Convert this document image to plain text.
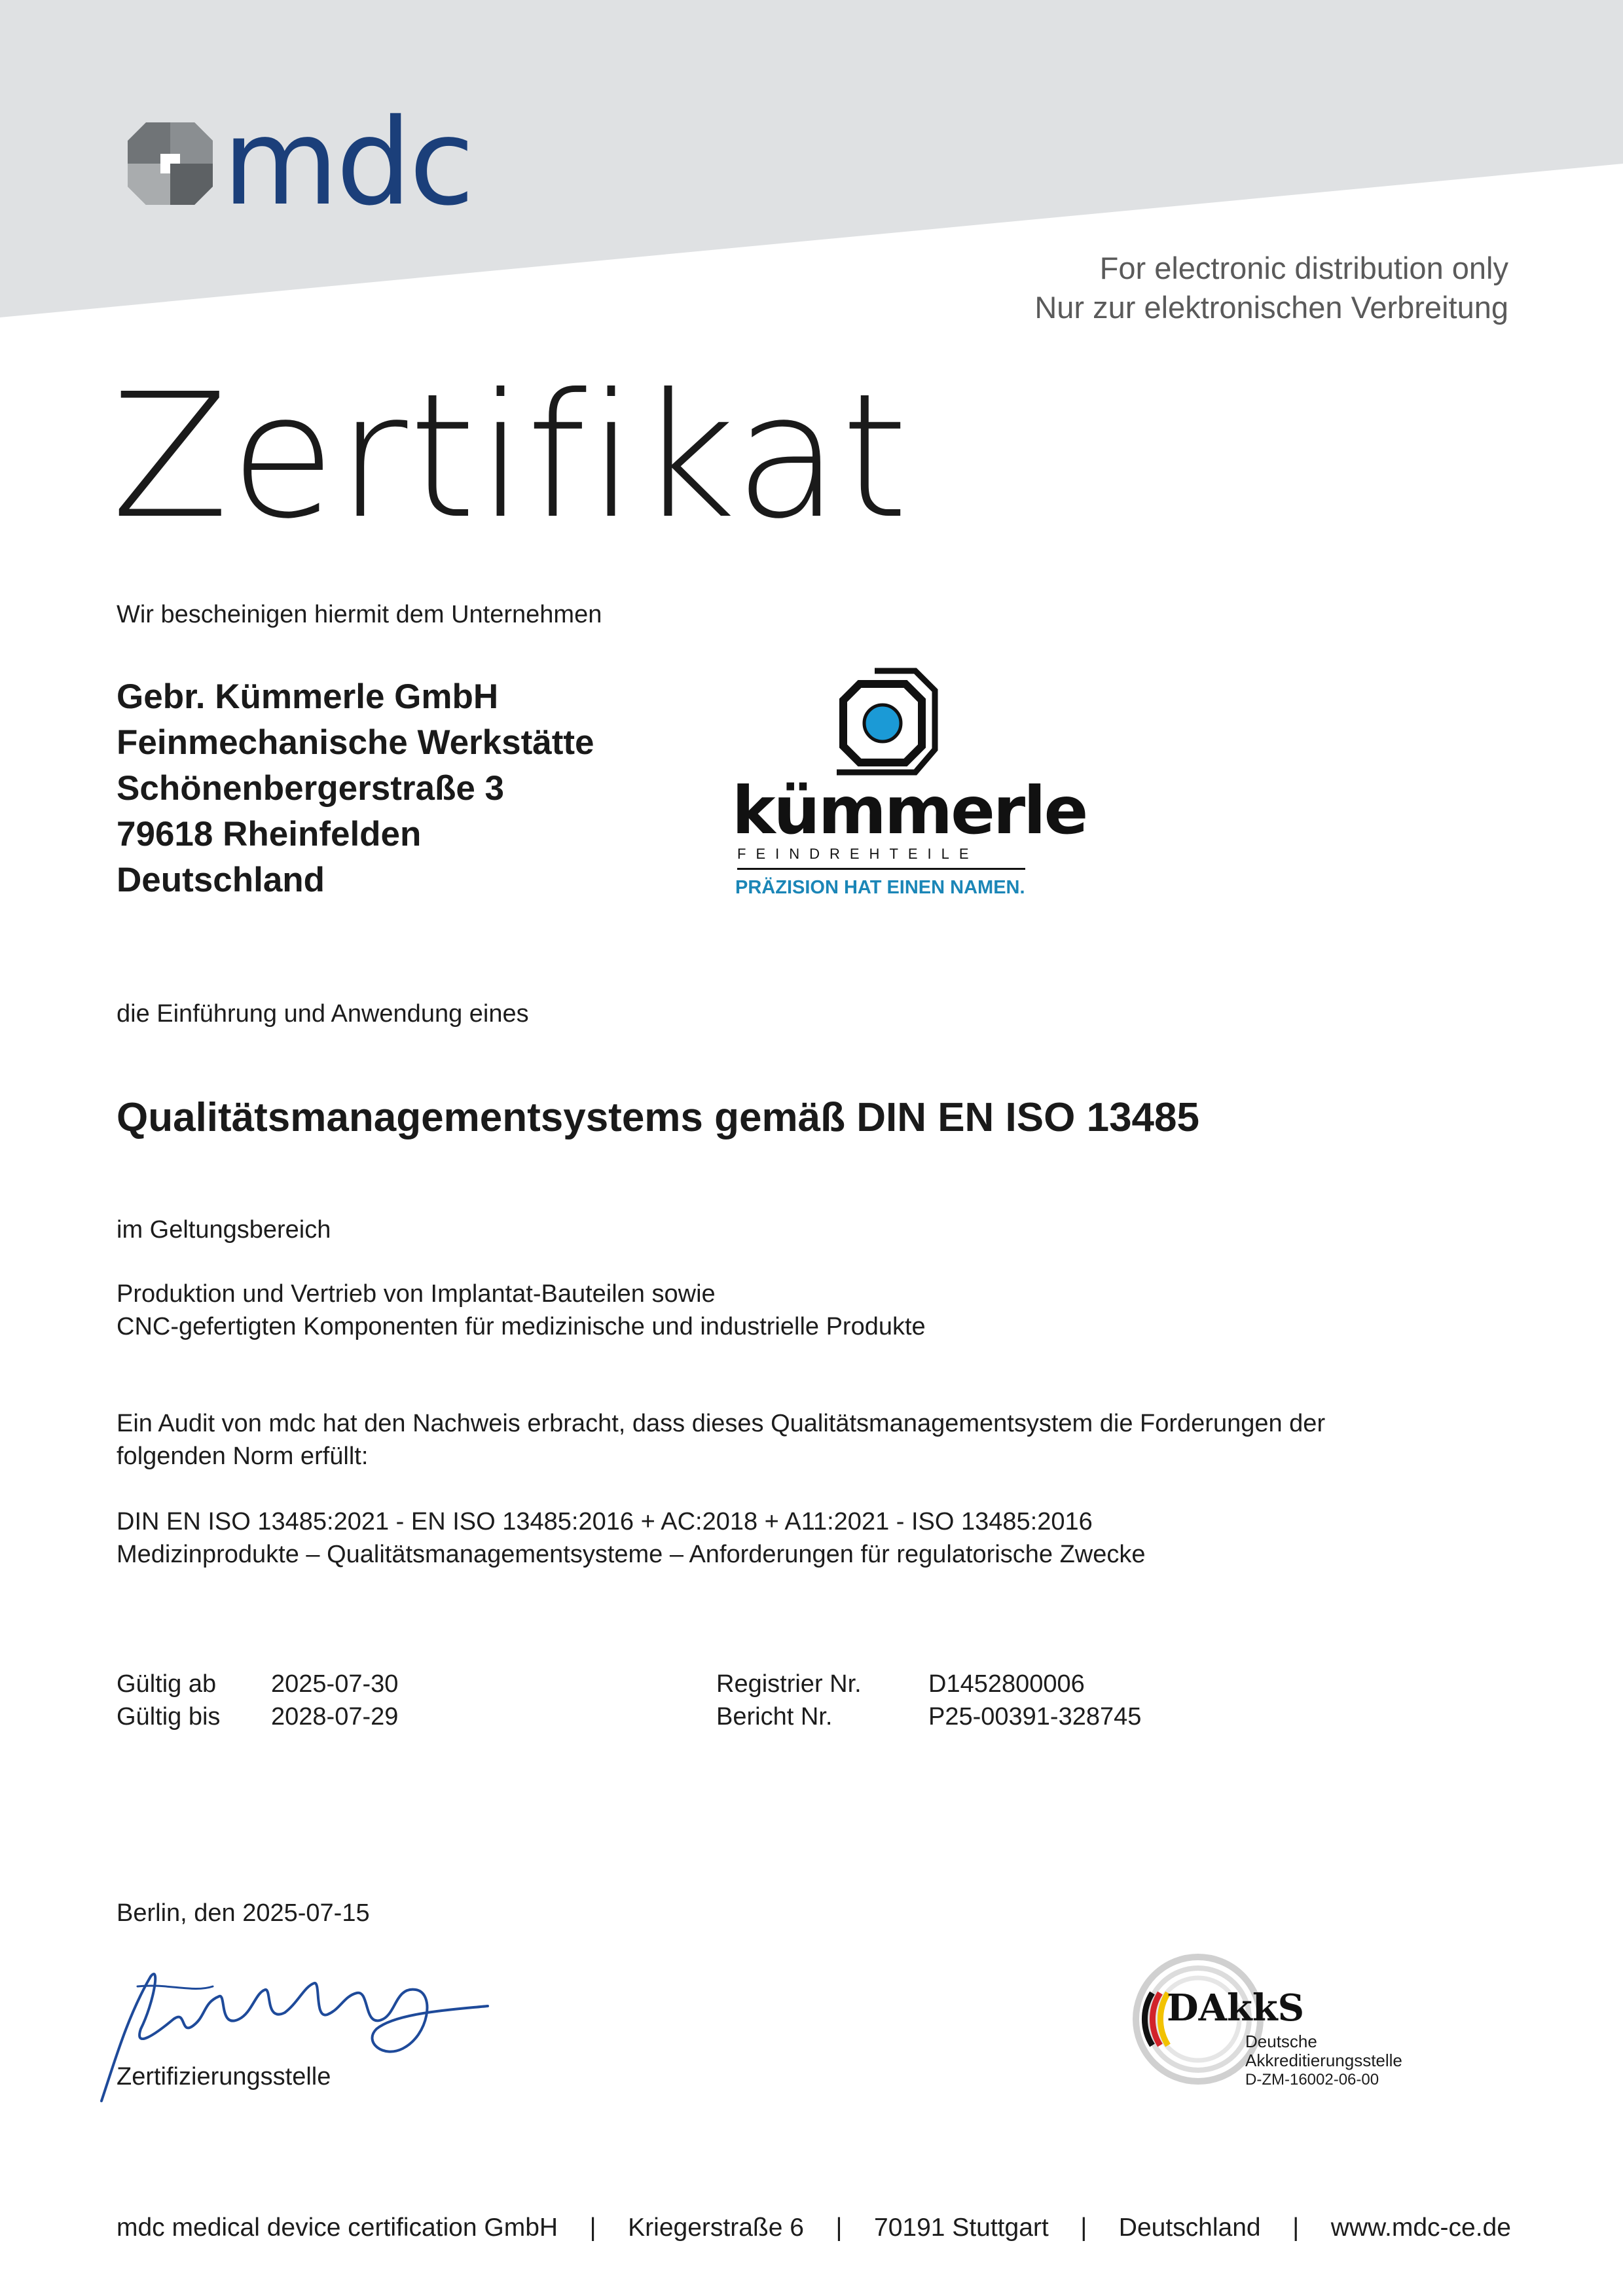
mdc
For electronic distribution only
Nur zur elektronischen Verbreitung
Zertifikat
Wir bescheinigen hiermit dem Unternehmen
Gebr. Kümmerle GmbH
Feinmechanische Werkstätte
Schönenbergerstraße 3
79618 Rheinfelden
Deutschland
kümmerle
FEINDREHTEILE
PRÄZISION HAT EINEN NAMEN.
die Einführung und Anwendung eines
Qualitätsmanagementsystems gemäß DIN EN ISO 13485
im Geltungsbereich
Produktion und Vertrieb von Implantat-Bauteilen sowie
CNC-gefertigten Komponenten für medizinische und industrielle Produkte
Ein Audit von mdc hat den Nachweis erbracht, dass dieses Qualitätsmanagementsystem die Forderungen der
folgenden Norm erfüllt:
DIN EN ISO 13485:2021 - EN ISO 13485:2016 + AC:2018 + A11:2021 - ISO 13485:2016
Medizinprodukte – Qualitätsmanagementsysteme – Anforderungen für regulatorische Zwecke
Gültig ab 2025-07-30
Gültig bis 2028-07-29
Registrier Nr.	D1452800006
Bericht Nr.	P25-00391-328745
Berlin, den 2025-07-15
Zertifizierungsstelle
DAkkS
Deutsche
Akkreditierungsstelle
D-ZM-16002-06-00
mdc medical device certification GmbH | Kriegerstraße 6 | 70191 Stuttgart | Deutschland | www.mdc-ce.de
